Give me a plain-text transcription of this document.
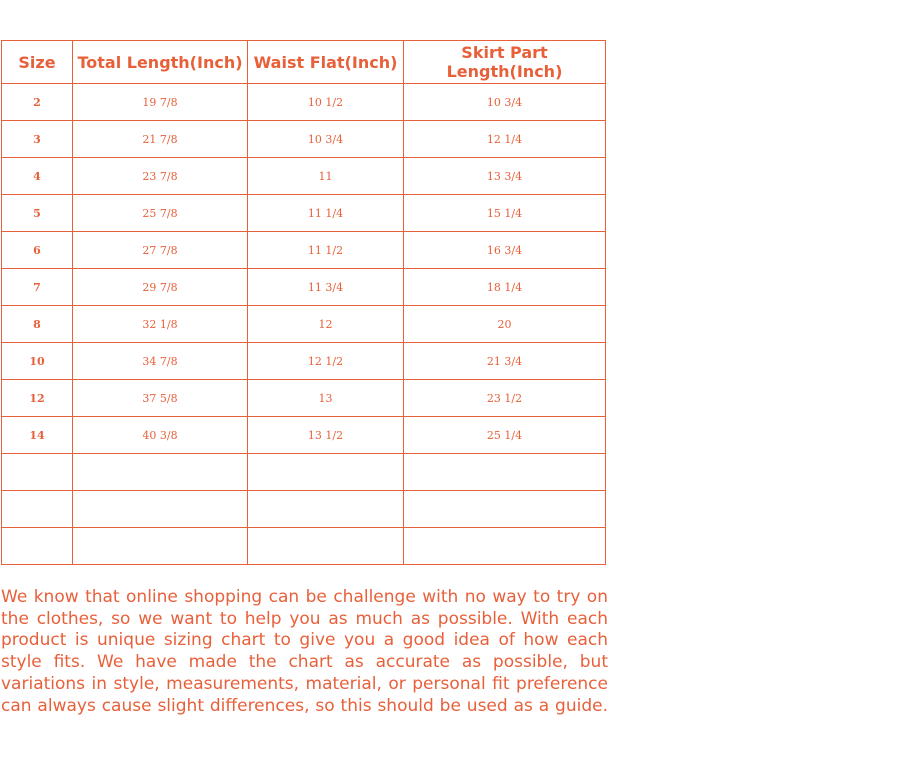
Size	Total Length(Inch)	Waist Flat(Inch)	Skirt Part Length(Inch)
2	19 7/8	10 1/2	10 3/4
3	21 7/8	10 3/4	12 1/4
4	23 7/8	11	13 3/4
5	25 7/8	11 1/4	15 1/4
6	27 7/8	11 1/2	16 3/4
7	29 7/8	11 3/4	18 1/4
8	32 1/8	12	20
10	34 7/8	12 1/2	21 3/4
12	37 5/8	13	23 1/2
14	40 3/8	13 1/2	25 1/4

We know that online shopping can be challenge with no way to try on the clothes, so we want to help you as much as possible. With each product is unique sizing chart to give you a good idea of how each style fits. We have made the chart as accurate as possible, but variations in style, measurements, material, or personal fit preference can always cause slight differences, so this should be used as a guide.
